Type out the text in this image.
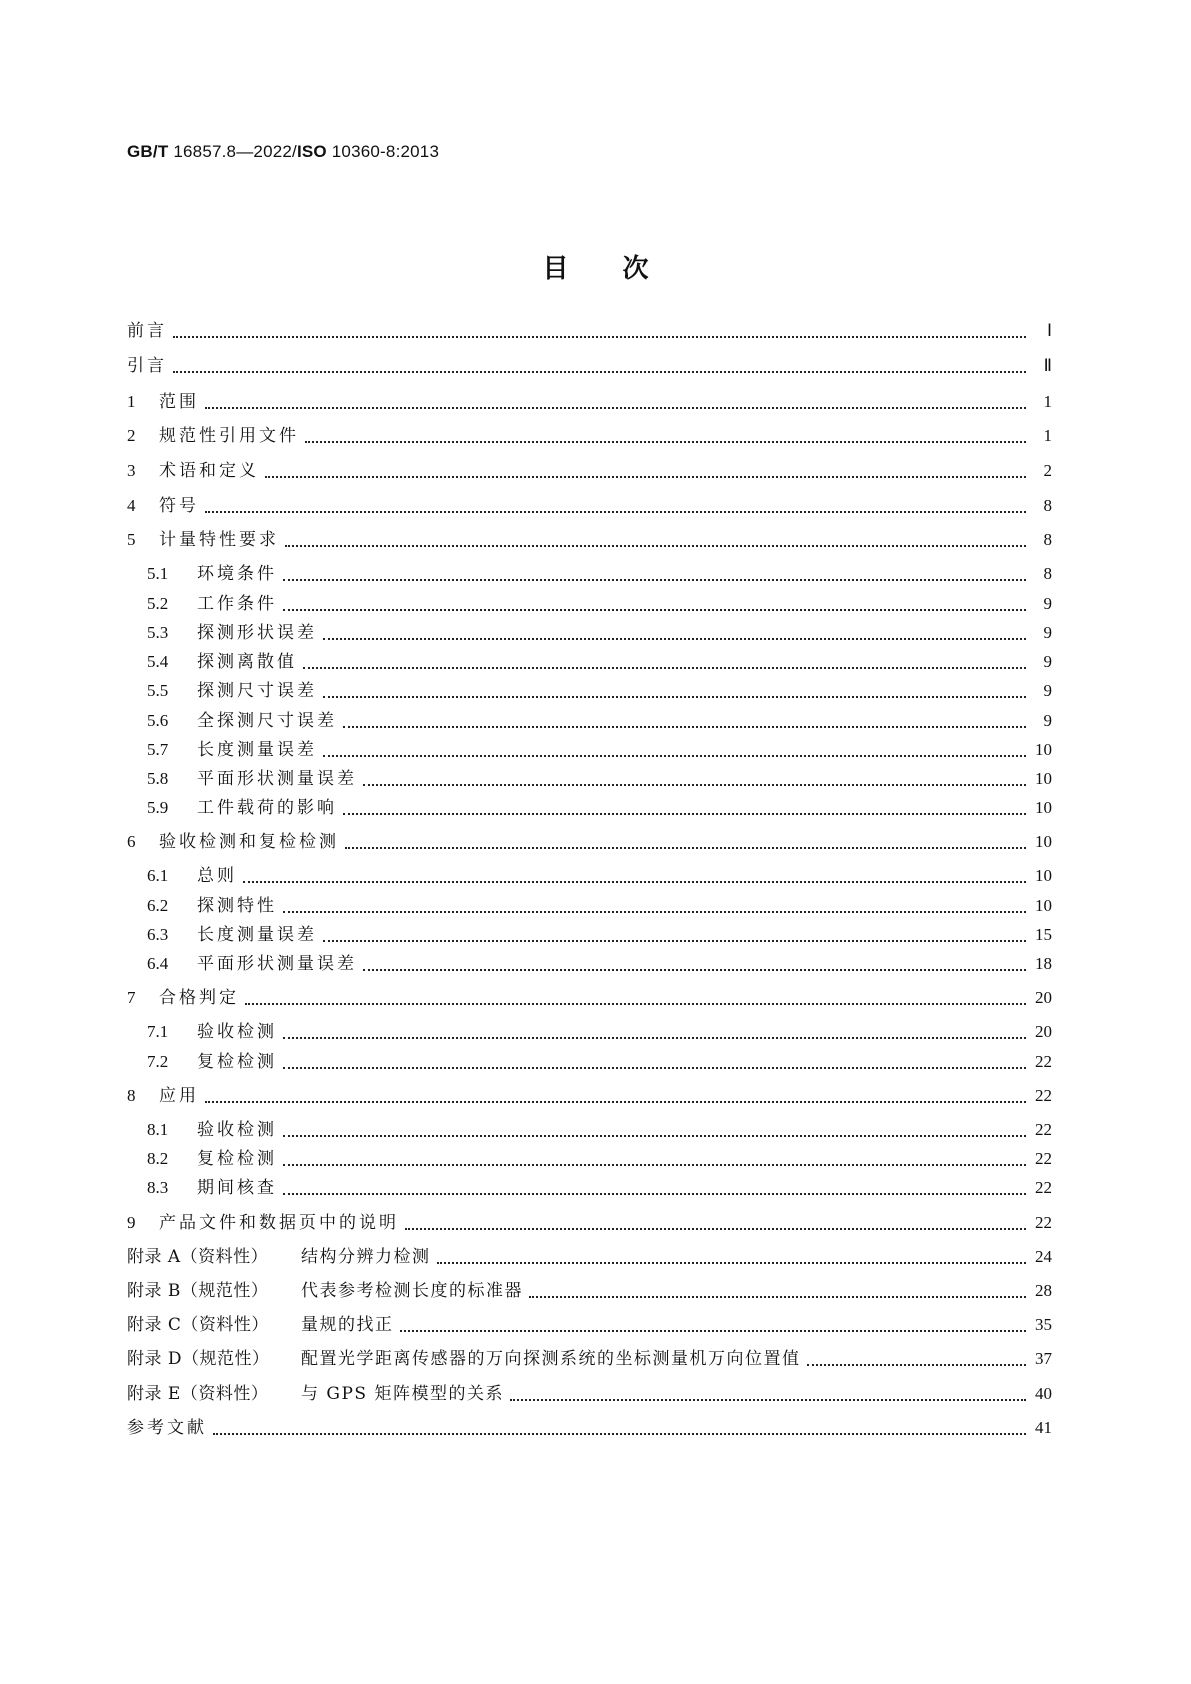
GB/T 16857.8—2022/ISO 10360-8:2013
目次
前言	Ⅰ
引言	Ⅱ
1	范围	1
2	规范性引用文件	1
3	术语和定义	2
4	符号	8
5	计量特性要求	8
5.1	环境条件	8
5.2	工作条件	9
5.3	探测形状误差	9
5.4	探测离散值	9
5.5	探测尺寸误差	9
5.6	全探测尺寸误差	9
5.7	长度测量误差	10
5.8	平面形状测量误差	10
5.9	工件载荷的影响	10
6	验收检测和复检检测	10
6.1	总则	10
6.2	探测特性	10
6.3	长度测量误差	15
6.4	平面形状测量误差	18
7	合格判定	20
7.1	验收检测	20
7.2	复检检测	22
8	应用	22
8.1	验收检测	22
8.2	复检检测	22
8.3	期间核查	22
9	产品文件和数据页中的说明	22
附录 A（资料性）	结构分辨力检测	24
附录 B（规范性）	代表参考检测长度的标准器	28
附录 C（资料性）	量规的找正	35
附录 D（规范性）	配置光学距离传感器的万向探测系统的坐标测量机万向位置值	37
附录 E（资料性）	与 GPS 矩阵模型的关系	40
参考文献	41
